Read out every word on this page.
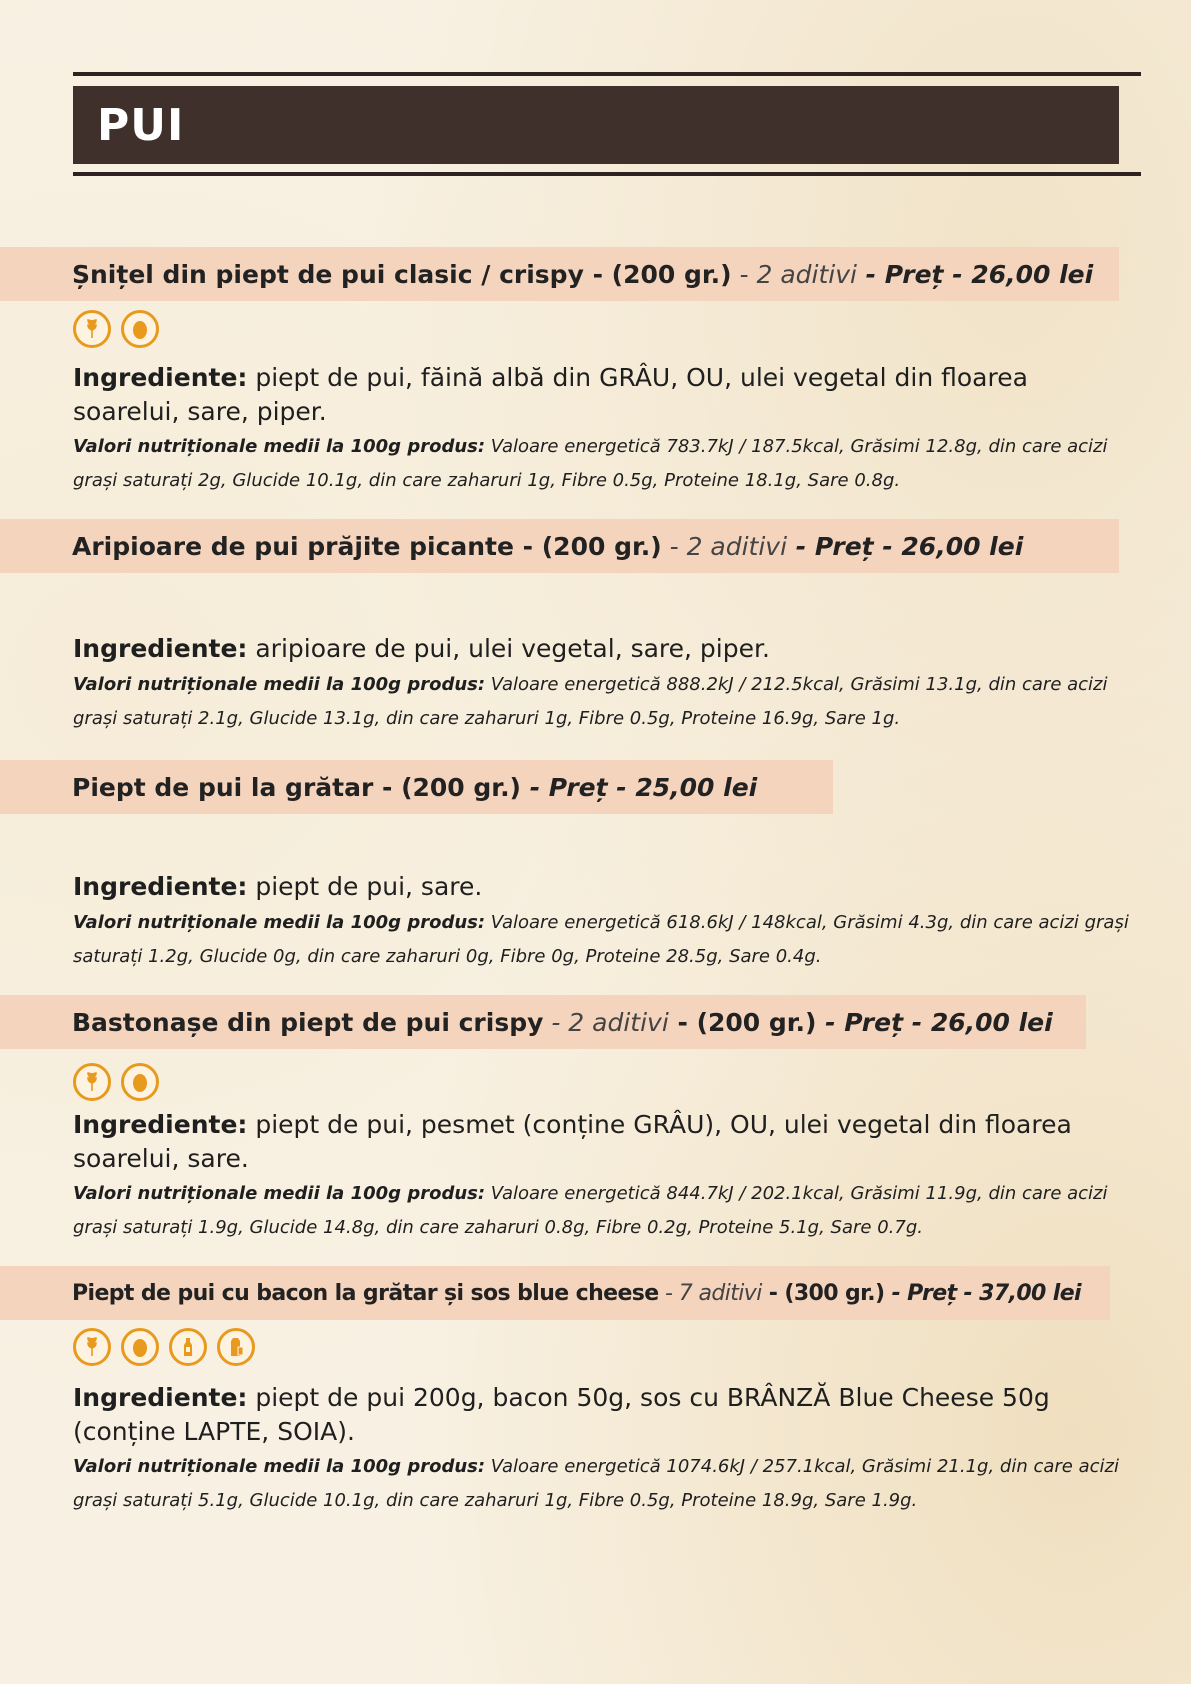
PUI
Șnițel din piept de pui clasic / crispy - (200 gr.) - 2 aditivi - Preț - 26,00 lei
Ingrediente: piept de pui, făină albă din GRÂU, OU, ulei vegetal din floarea soarelui, sare, piper.
Valori nutriționale medii la 100g produs: Valoare energetică 783.7kJ / 187.5kcal, Grăsimi 12.8g, din care acizi grași saturați 2g, Glucide 10.1g, din care zaharuri 1g, Fibre 0.5g, Proteine 18.1g, Sare 0.8g.
Aripioare de pui prăjite picante - (200 gr.) - 2 aditivi - Preț - 26,00 lei
Ingrediente: aripioare de pui, ulei vegetal, sare, piper.
Valori nutriționale medii la 100g produs: Valoare energetică 888.2kJ / 212.5kcal, Grăsimi 13.1g, din care acizi grași saturați 2.1g, Glucide 13.1g, din care zaharuri 1g, Fibre 0.5g, Proteine 16.9g, Sare 1g.
Piept de pui la grătar - (200 gr.) - Preț - 25,00 lei
Ingrediente: piept de pui, sare.
Valori nutriționale medii la 100g produs: Valoare energetică 618.6kJ / 148kcal, Grăsimi 4.3g, din care acizi grași saturați 1.2g, Glucide 0g, din care zaharuri 0g, Fibre 0g, Proteine 28.5g, Sare 0.4g.
Bastonașe din piept de pui crispy - 2 aditivi - (200 gr.) - Preț - 26,00 lei
Ingrediente: piept de pui, pesmet (conține GRÂU), OU, ulei vegetal din floarea soarelui, sare.
Valori nutriționale medii la 100g produs: Valoare energetică 844.7kJ / 202.1kcal, Grăsimi 11.9g, din care acizi grași saturați 1.9g, Glucide 14.8g, din care zaharuri 0.8g, Fibre 0.2g, Proteine 5.1g, Sare 0.7g.
Piept de pui cu bacon la grătar și sos blue cheese - 7 aditivi - (300 gr.) - Preț - 37,00 lei
Ingrediente: piept de pui 200g, bacon 50g, sos cu BRÂNZĂ Blue Cheese 50g (conține LAPTE, SOIA).
Valori nutriționale medii la 100g produs: Valoare energetică 1074.6kJ / 257.1kcal, Grăsimi 21.1g, din care acizi grași saturați 5.1g, Glucide 10.1g, din care zaharuri 1g, Fibre 0.5g, Proteine 18.9g, Sare 1.9g.
